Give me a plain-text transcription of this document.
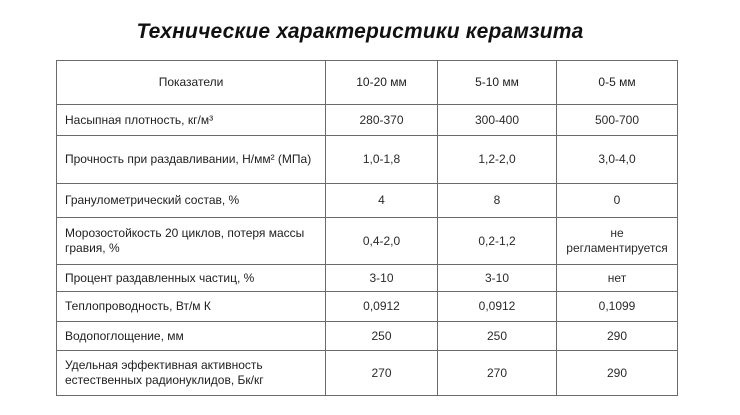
Технические характеристики керамзита
Показатели	10-20 мм	5-10 мм	0-5 мм
Насыпная плотность, кг/м³	280-370	300-400	500-700
Прочность при раздавливании, Н/мм² (МПа)	1,0-1,8	1,2-2,0	3,0-4,0
Гранулометрический состав, %	4	8	0
Морозостойкость 20 циклов, потеря массы гравия, %	0,4-2,0	0,2-1,2	не регламентируется
Процент раздавленных частиц, %	3-10	3-10	нет
Теплопроводность, Вт/м К	0,0912	0,0912	0,1099
Водопоглощение, мм	250	250	290
Удельная эффективная активность естественных радионуклидов, Бк/кг	270	270	290
